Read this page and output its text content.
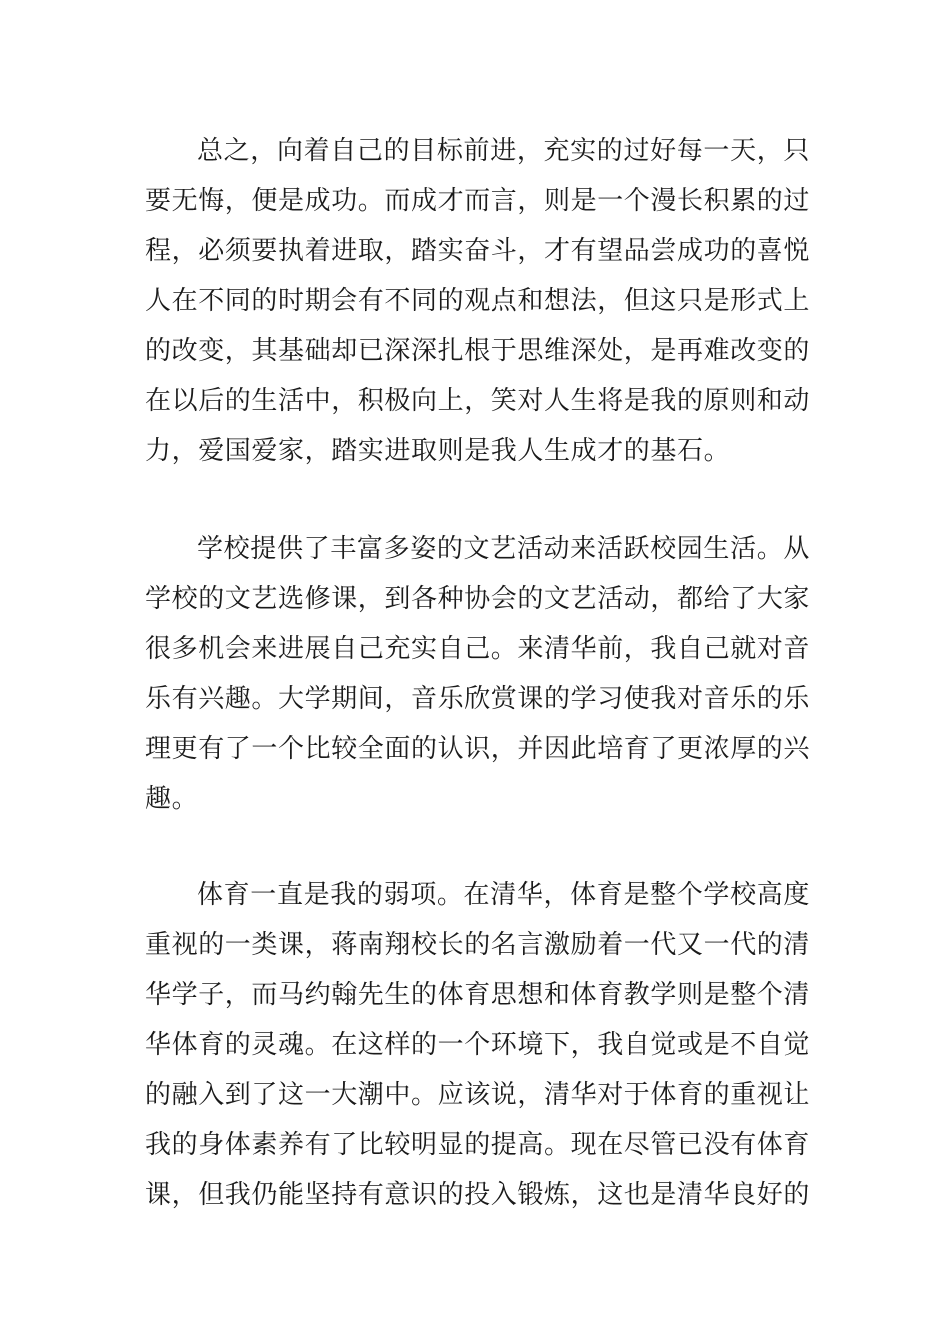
总之，向着自己的目标前进，充实的过好每一天，只要无悔，便是成功。而成才而言，则是一个漫长积累的过程，必须要执着进取，踏实奋斗，才有望品尝成功的喜悦人在不同的时期会有不同的观点和想法，但这只是形式上的改变，其基础却已深深扎根于思维深处，是再难改变的在以后的生活中，积极向上，笑对人生将是我的原则和动力，爱国爱家，踏实进取则是我人生成才的基石。

学校提供了丰富多姿的文艺活动来活跃校园生活。从学校的文艺选修课，到各种协会的文艺活动，都给了大家很多机会来进展自己充实自己。来清华前，我自己就对音乐有兴趣。大学期间，音乐欣赏课的学习使我对音乐的乐理更有了一个比较全面的认识，并因此培育了更浓厚的兴趣。

体育一直是我的弱项。在清华，体育是整个学校高度重视的一类课，蒋南翔校长的名言激励着一代又一代的清华学子，而马约翰先生的体育思想和体育教学则是整个清华体育的灵魂。在这样的一个环境下，我自觉或是不自觉的融入到了这一大潮中。应该说，清华对于体育的重视让我的身体素养有了比较明显的提高。现在尽管已没有体育课，但我仍能坚持有意识的投入锻炼，这也是清华良好的
